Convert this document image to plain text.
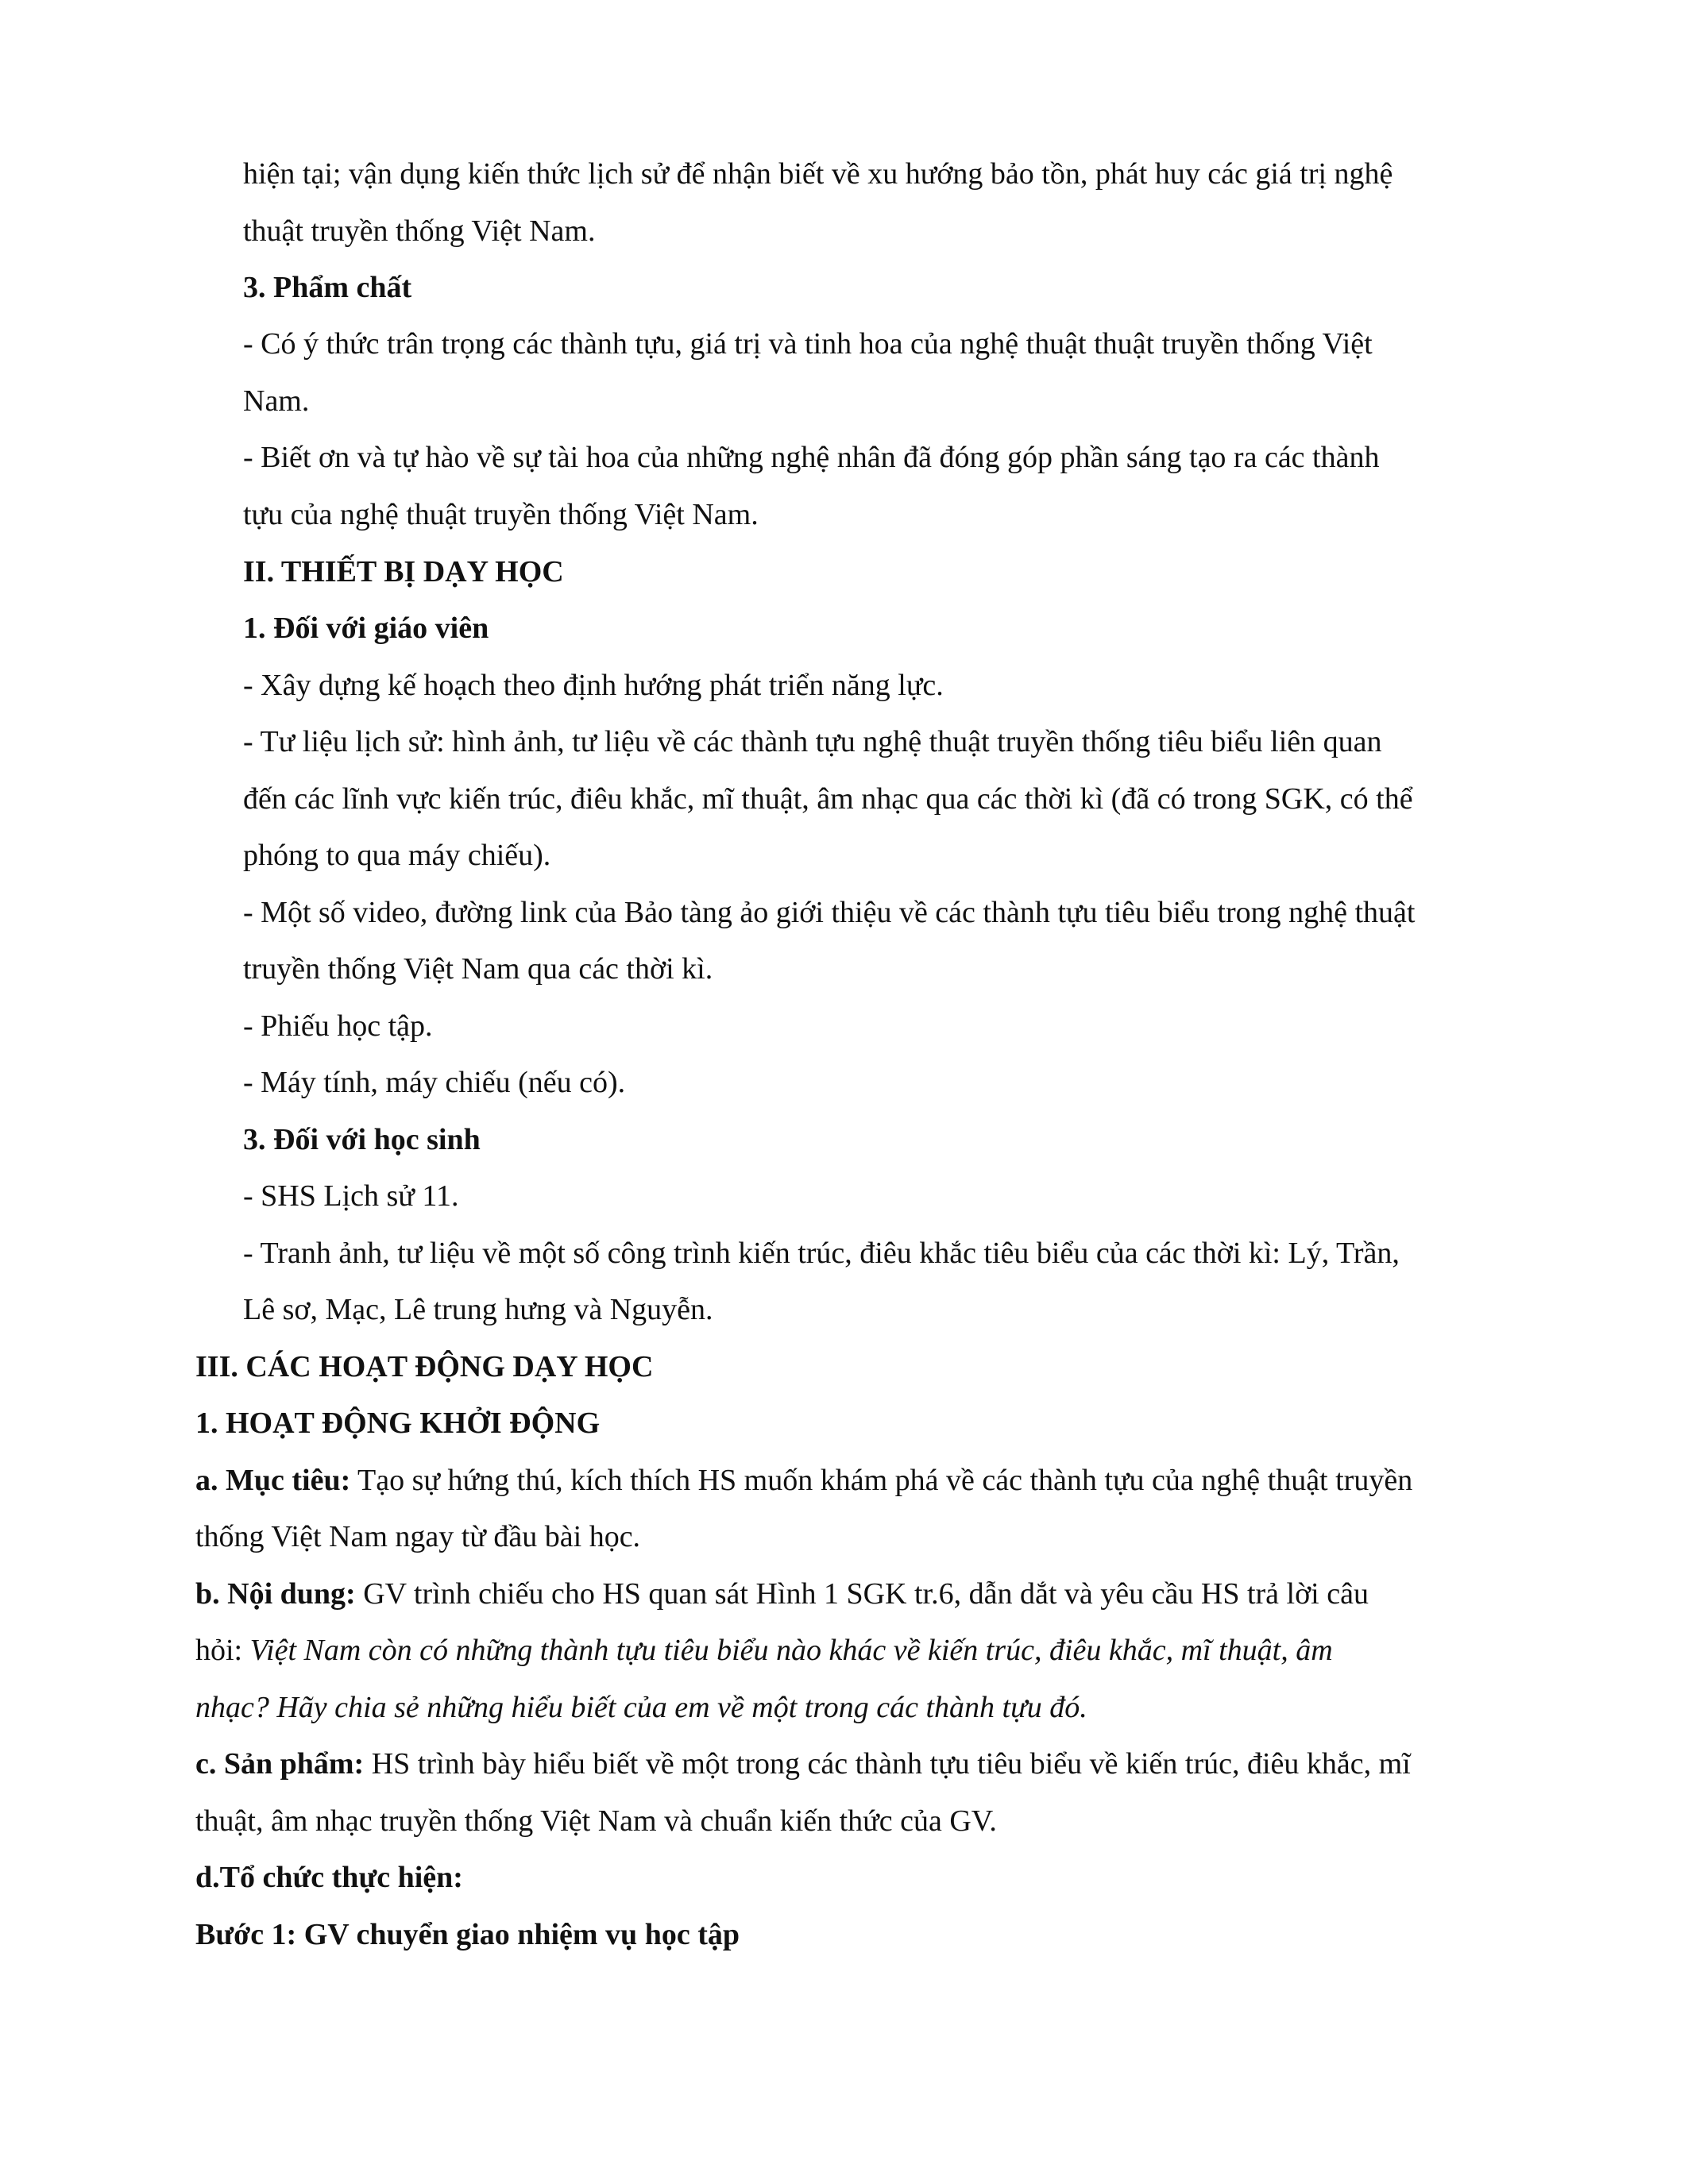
hiện tại; vận dụng kiến thức lịch sử để nhận biết về xu hướng bảo tồn, phát huy các giá trị nghệ
thuật truyền thống Việt Nam.
3. Phẩm chất
- Có ý thức trân trọng các thành tựu, giá trị và tinh hoa của nghệ thuật thuật truyền thống Việt
Nam.
- Biết ơn và tự hào về sự tài hoa của những nghệ nhân đã đóng góp phần sáng tạo ra các thành
tựu của nghệ thuật truyền thống Việt Nam.
II. THIẾT BỊ DẠY HỌC
1. Đối với giáo viên
- Xây dựng kế hoạch theo định hướng phát triển năng lực.
- Tư liệu lịch sử: hình ảnh, tư liệu về các thành tựu nghệ thuật truyền thống tiêu biểu liên quan
đến các lĩnh vực kiến trúc, điêu khắc, mĩ thuật, âm nhạc qua các thời kì (đã có trong SGK, có thể
phóng to qua máy chiếu).
- Một số video, đường link của Bảo tàng ảo giới thiệu về các thành tựu tiêu biểu trong nghệ thuật
truyền thống Việt Nam qua các thời kì.
- Phiếu học tập.
- Máy tính, máy chiếu (nếu có).
3. Đối với học sinh
- SHS Lịch sử 11.
- Tranh ảnh, tư liệu về một số công trình kiến trúc, điêu khắc tiêu biểu của các thời kì: Lý, Trần,
Lê sơ, Mạc, Lê trung hưng và Nguyễn.
III. CÁC HOẠT ĐỘNG DẠY HỌC
1. HOẠT ĐỘNG KHỞI ĐỘNG
a. Mục tiêu: Tạo sự hứng thú, kích thích HS muốn khám phá về các thành tựu của nghệ thuật truyền
thống Việt Nam ngay từ đầu bài học.
b. Nội dung: GV trình chiếu cho HS quan sát Hình 1 SGK tr.6, dẫn dắt và yêu cầu HS trả lời câu
hỏi: Việt Nam còn có những thành tựu tiêu biểu nào khác về kiến trúc, điêu khắc, mĩ thuật, âm
nhạc? Hãy chia sẻ những hiểu biết của em về một trong các thành tựu đó.
c. Sản phẩm: HS trình bày hiểu biết về một trong các thành tựu tiêu biểu về kiến trúc, điêu khắc, mĩ
thuật, âm nhạc truyền thống Việt Nam và chuẩn kiến thức của GV.
d.Tổ chức thực hiện:
Bước 1: GV chuyển giao nhiệm vụ học tập
